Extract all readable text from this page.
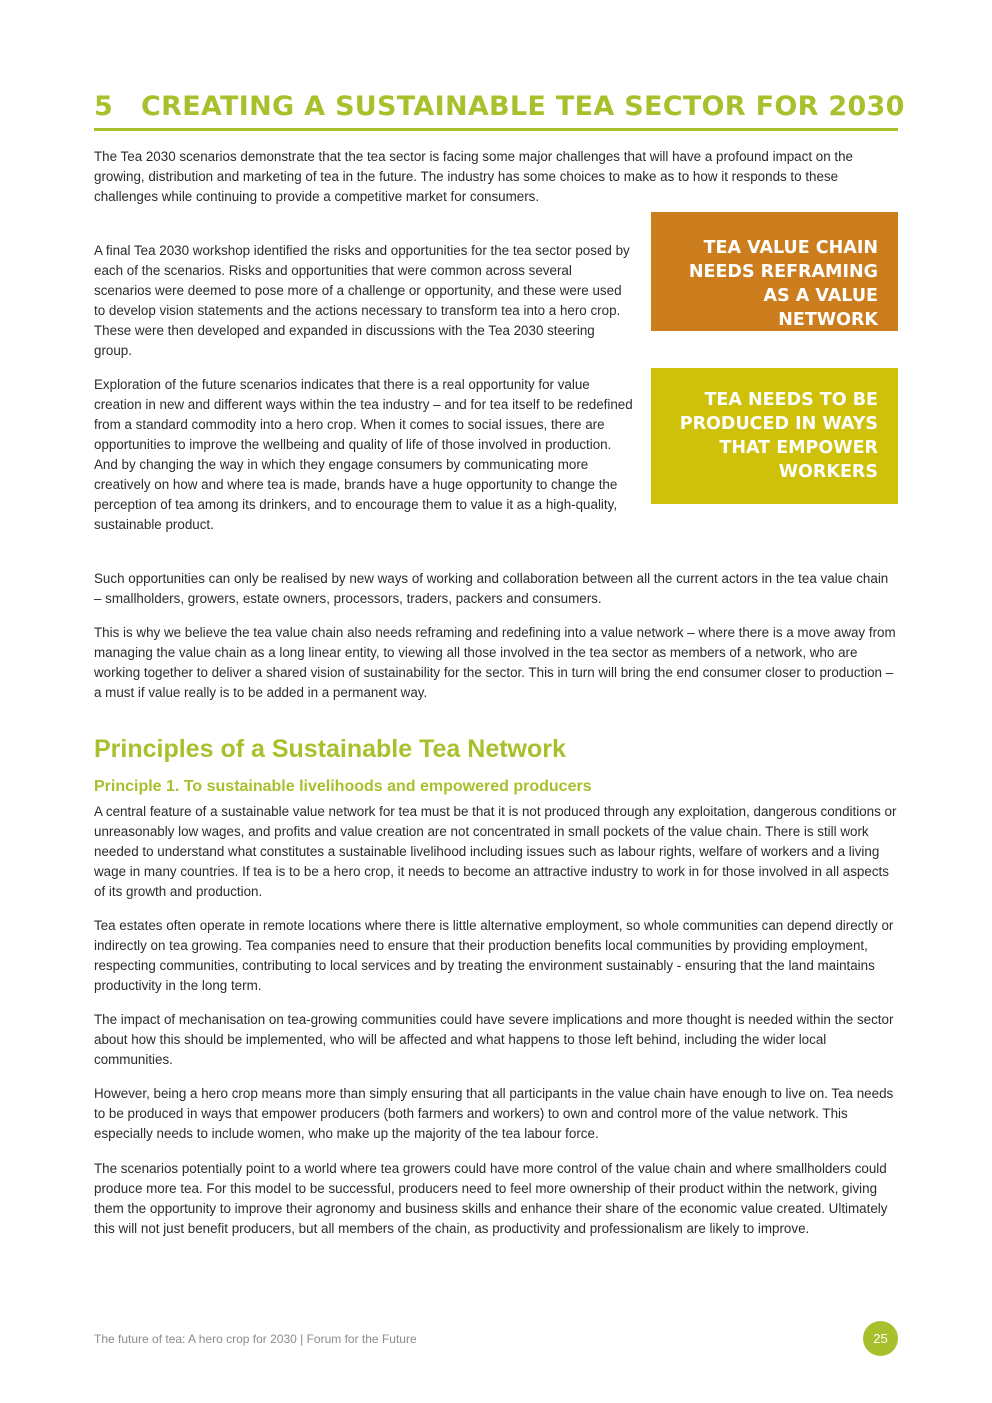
5 CREATING A SUSTAINABLE TEA SECTOR FOR 2030

The Tea 2030 scenarios demonstrate that the tea sector is facing some major challenges that will have a profound impact on the growing, distribution and marketing of tea in the future. The industry has some choices to make as to how it responds to these challenges while continuing to provide a competitive market for consumers.

A final Tea 2030 workshop identified the risks and opportunities for the tea sector posed by each of the scenarios. Risks and opportunities that were common across several scenarios were deemed to pose more of a challenge or opportunity, and these were used to develop vision statements and the actions necessary to transform tea into a hero crop. These were then developed and expanded in discussions with the Tea 2030 steering group.

Exploration of the future scenarios indicates that there is a real opportunity for value creation in new and different ways within the tea industry – and for tea itself to be redefined from a standard commodity into a hero crop. When it comes to social issues, there are opportunities to improve the wellbeing and quality of life of those involved in production. And by changing the way in which they engage consumers by communicating more creatively on how and where tea is made, brands have a huge opportunity to change the perception of tea among its drinkers, and to encourage them to value it as a high-quality, sustainable product.

Such opportunities can only be realised by new ways of working and collaboration between all the current actors in the tea value chain – smallholders, growers, estate owners, processors, traders, packers and consumers.

This is why we believe the tea value chain also needs reframing and redefining into a value network – where there is a move away from managing the value chain as a long linear entity, to viewing all those involved in the tea sector as members of a network, who are working together to deliver a shared vision of sustainability for the sector. This in turn will bring the end consumer closer to production – a must if value really is to be added in a permanent way.

TEA VALUE CHAIN NEEDS REFRAMING AS A VALUE NETWORK
TEA NEEDS TO BE PRODUCED IN WAYS THAT EMPOWER WORKERS
Principles of a Sustainable Tea Network
Principle 1. To sustainable livelihoods and empowered producers

A central feature of a sustainable value network for tea must be that it is not produced through any exploitation, dangerous conditions or unreasonably low wages, and profits and value creation are not concentrated in small pockets of the value chain. There is still work needed to understand what constitutes a sustainable livelihood including issues such as labour rights, welfare of workers and a living wage in many countries. If tea is to be a hero crop, it needs to become an attractive industry to work in for those involved in all aspects of its growth and production.

Tea estates often operate in remote locations where there is little alternative employment, so whole communities can depend directly or indirectly on tea growing. Tea companies need to ensure that their production benefits local communities by providing employment, respecting communities, contributing to local services and by treating the environment sustainably - ensuring that the land maintains productivity in the long term.

The impact of mechanisation on tea-growing communities could have severe implications and more thought is needed within the sector about how this should be implemented, who will be affected and what happens to those left behind, including the wider local communities.

However, being a hero crop means more than simply ensuring that all participants in the value chain have enough to live on. Tea needs to be produced in ways that empower producers (both farmers and workers) to own and control more of the value network. This especially needs to include women, who make up the majority of the tea labour force.

The scenarios potentially point to a world where tea growers could have more control of the value chain and where smallholders could produce more tea. For this model to be successful, producers need to feel more ownership of their product within the network, giving them the opportunity to improve their agronomy and business skills and enhance their share of the economic value created. Ultimately this will not just benefit producers, but all members of the chain, as productivity and professionalism are likely to improve.

The future of tea: A hero crop for 2030 | Forum for the Future	25
